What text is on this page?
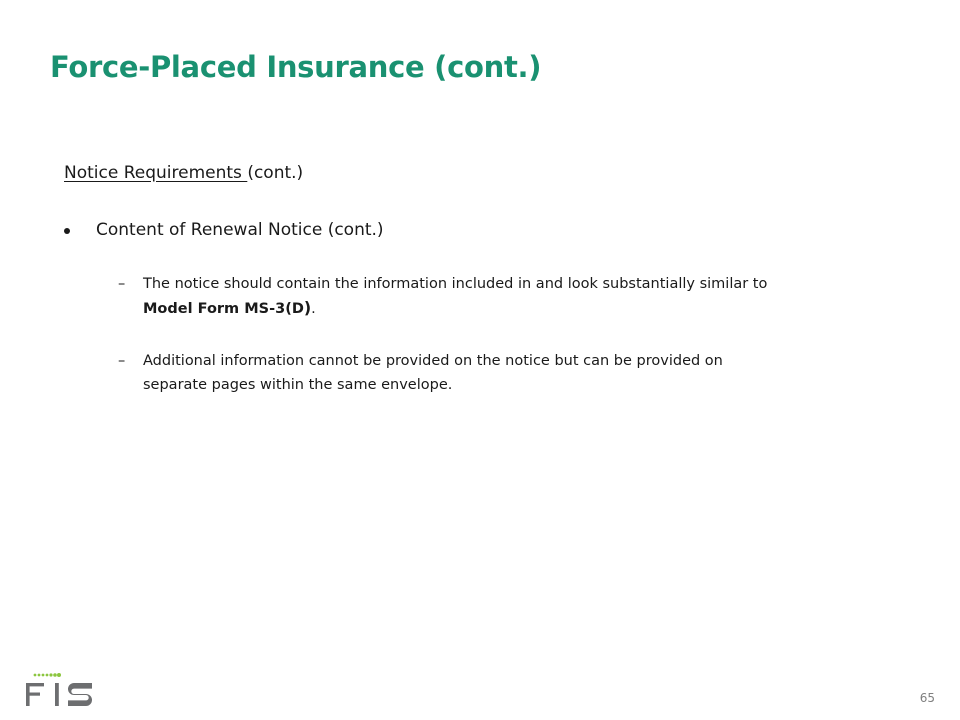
Force-Placed Insurance (cont.)
Notice Requirements (cont.)
Content of Renewal Notice (cont.)
– The notice should contain the information included in and look substantially similar to
Model Form MS-3(D).
– Additional information cannot be provided on the notice but can be provided on
separate pages within the same envelope.
65
